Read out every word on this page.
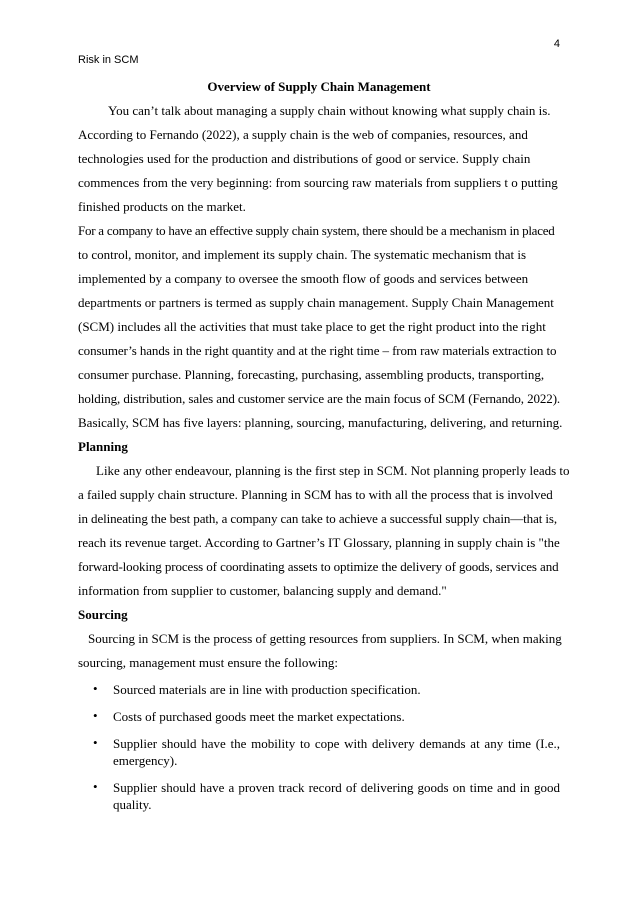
4
Risk in SCM
Overview of Supply Chain Management
You can’t talk about managing a supply chain without knowing what supply chain is.
According to Fernando (2022), a supply chain is the web of companies, resources, and
technologies used for the production and distributions of good or service. Supply chain
commences from the very beginning: from sourcing raw materials from suppliers t o putting
finished products on the market.
For a company to have an effective supply chain system, there should be a mechanism in placed
to control, monitor, and implement its supply chain. The systematic mechanism that is
implemented by a company to oversee the smooth flow of goods and services between
departments or partners is termed as supply chain management. Supply Chain Management
(SCM) includes all the activities that must take place to get the right product into the right
consumer’s hands in the right quantity and at the right time – from raw materials extraction to
consumer purchase. Planning, forecasting, purchasing, assembling products, transporting,
holding, distribution, sales and customer service are the main focus of SCM (Fernando, 2022).
Basically, SCM has five layers: planning, sourcing, manufacturing, delivering, and returning.
Planning
Like any other endeavour, planning is the first step in SCM. Not planning properly leads to
a failed supply chain structure. Planning in SCM has to with all the process that is involved
in delineating the best path, a company can take to achieve a successful supply chain—that is,
reach its revenue target. According to Gartner’s IT Glossary, planning in supply chain is "the
forward-looking process of coordinating assets to optimize the delivery of goods, services and
information from supplier to customer, balancing supply and demand."
Sourcing
Sourcing in SCM is the process of getting resources from suppliers. In SCM, when making
sourcing, management must ensure the following:
• Sourced materials are in line with production specification.
• Costs of purchased goods meet the market expectations.
• Supplier should have the mobility to cope with delivery demands at any time (I.e., emergency).
• Supplier should have a proven track record of delivering goods on time and in good quality.
